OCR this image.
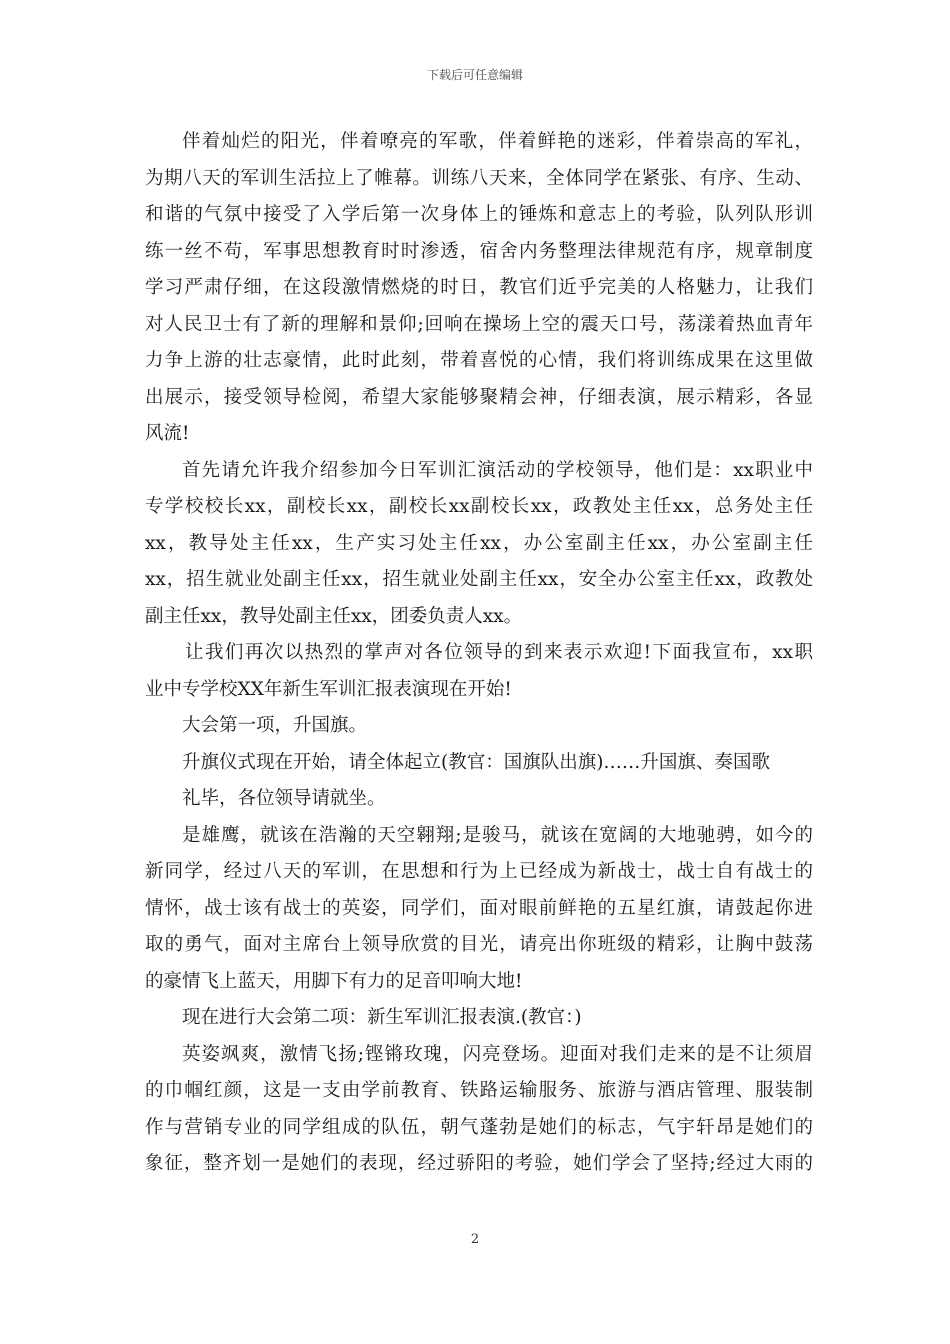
下载后可任意编辑
伴着灿烂的阳光，伴着嘹亮的军歌，伴着鲜艳的迷彩，伴着崇高的军礼，
为期八天的军训生活拉上了帷幕。训练八天来，全体同学在紧张、有序、生动、
和谐的气氛中接受了入学后第一次身体上的锤炼和意志上的考验，队列队形训
练一丝不苟，军事思想教育时时渗透，宿舍内务整理法律规范有序，规章制度
学习严肃仔细，在这段激情燃烧的时日，教官们近乎完美的人格魅力，让我们
对人民卫士有了新的理解和景仰;回响在操场上空的震天口号，荡漾着热血青年
力争上游的壮志豪情，此时此刻，带着喜悦的心情，我们将训练成果在这里做
出展示，接受领导检阅，希望大家能够聚精会神，仔细表演，展示精彩，各显
风流!
首先请允许我介绍参加今日军训汇演活动的学校领导，他们是：xx职业中
专学校校长xx，副校长xx，副校长xx副校长xx，政教处主任xx，总务处主任
xx，教导处主任xx，生产实习处主任xx，办公室副主任xx，办公室副主任
xx，招生就业处副主任xx，招生就业处副主任xx，安全办公室主任xx，政教处
副主任xx，教导处副主任xx，团委负责人xx。
让我们再次以热烈的掌声对各位领导的到来表示欢迎!下面我宣布，xx职
业中专学校XX年新生军训汇报表演现在开始!
大会第一项，升国旗。
升旗仪式现在开始，请全体起立(教官：国旗队出旗)……升国旗、奏国歌
礼毕，各位领导请就坐。
是雄鹰，就该在浩瀚的天空翱翔;是骏马，就该在宽阔的大地驰骋，如今的
新同学，经过八天的军训，在思想和行为上已经成为新战士，战士自有战士的
情怀，战士该有战士的英姿，同学们，面对眼前鲜艳的五星红旗，请鼓起你进
取的勇气，面对主席台上领导欣赏的目光，请亮出你班级的精彩，让胸中鼓荡
的豪情飞上蓝天，用脚下有力的足音叩响大地!
现在进行大会第二项：新生军训汇报表演.(教官：)
英姿飒爽，激情飞扬;铿锵玫瑰，闪亮登场。迎面对我们走来的是不让须眉
的巾帼红颜，这是一支由学前教育、铁路运输服务、旅游与酒店管理、服装制
作与营销专业的同学组成的队伍，朝气蓬勃是她们的标志，气宇轩昂是她们的
象征，整齐划一是她们的表现，经过骄阳的考验，她们学会了坚持;经过大雨的
2
